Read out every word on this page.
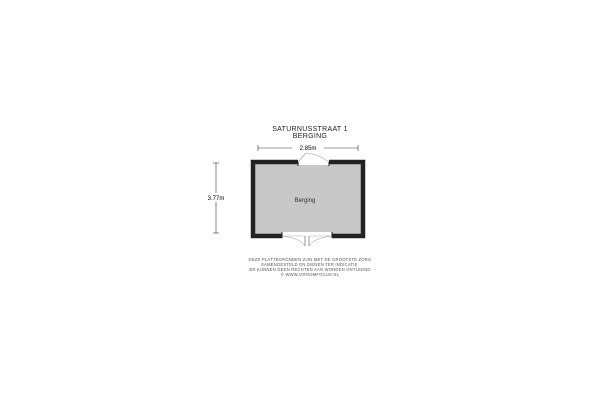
SATURNUSSTRAAT 1
BERGING
2.85m
3.77m	Berging
DEZE PLATTEGRONDEN ZIJN MET DE GROOTSTE ZORG
SAMENGESTELD EN DIENEN TER INDICATIE.
ER KUNNEN GEEN RECHTEN AAN WORDEN ONTLEEND
© WWW.GROOMFOCUS.NL
